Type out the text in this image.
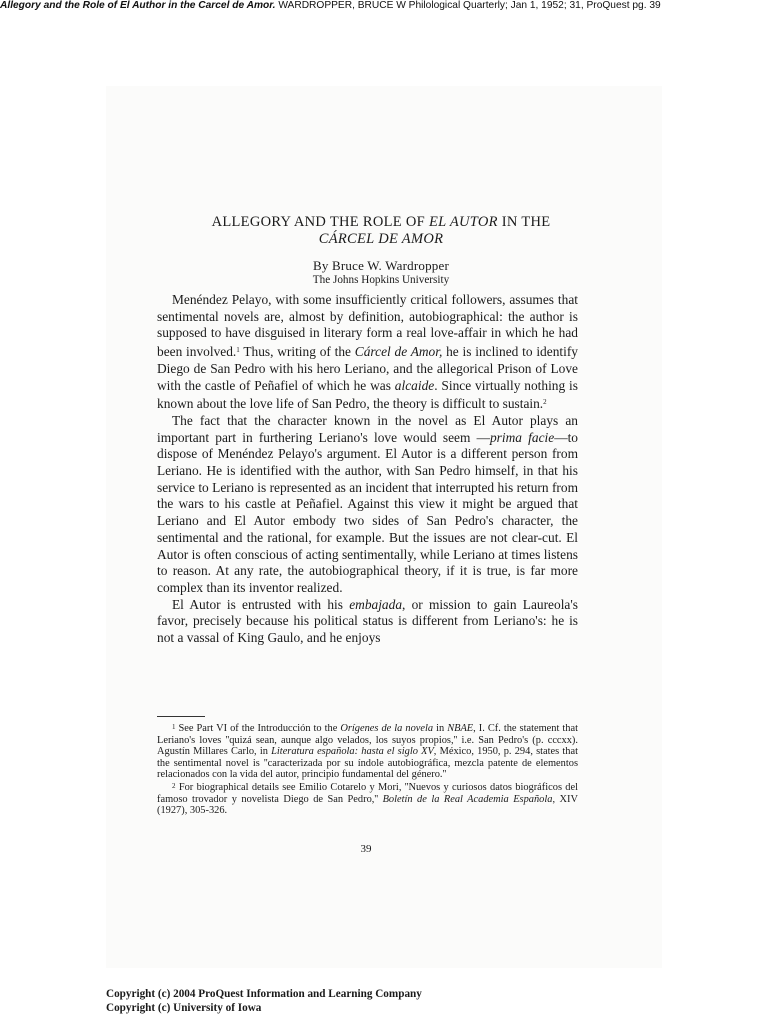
Allegory and the Role of El Author in the Carcel de Amor. WARDROPPER, BRUCE W Philological Quarterly; Jan 1, 1952; 31, ProQuest pg. 39
ALLEGORY AND THE ROLE OF EL AUTOR IN THE
CÁRCEL DE AMOR
By Bruce W. Wardropper
The Johns Hopkins University

Menéndez Pelayo, with some insufficiently critical followers, assumes that sentimental novels are, almost by definition, autobiographical: the author is supposed to have disguised in literary form a real love-affair in which he had been involved.$^1$ Thus, writing of the Cárcel de Amor, he is inclined to identify Diego de San Pedro with his hero Leriano, and the allegorical Prison of Love with the castle of Peñafiel of which he was alcaide. Since virtually nothing is known about the love life of San Pedro, the theory is difficult to sustain.$^2$

The fact that the character known in the novel as El Autor plays an important part in furthering Leriano's love would seem —prima facie—to dispose of Menéndez Pelayo's argument. El Autor is a different person from Leriano. He is identified with the author, with San Pedro himself, in that his service to Leriano is represented as an incident that interrupted his return from the wars to his castle at Peñafiel. Against this view it might be argued that Leriano and El Autor embody two sides of San Pedro's character, the sentimental and the rational, for example. But the issues are not clear-cut. El Autor is often conscious of acting sentimentally, while Leriano at times listens to reason. At any rate, the autobiographical theory, if it is true, is far more complex than its inventor realized.

El Autor is entrusted with his embajada, or mission to gain Laureola's favor, precisely because his political status is different from Leriano's: he is not a vassal of King Gaulo, and he enjoys

$^1$ See Part VI of the Introducción to the Orígenes de la novela in NBAE, I. Cf. the statement that Leriano's loves ''quizá sean, aunque algo velados, los suyos propios,'' i.e. San Pedro's (p. cccxx). Agustín Millares Carlo, in Literatura española: hasta el siglo XV, México, 1950, p. 294, states that the sentimental novel is ''caracterizada por su índole autobiográfica, mezcla patente de elementos relacionados con la vida del autor, principio fundamental del género.''

$^2$ For biographical details see Emilio Cotarelo y Mori, ''Nuevos y curiosos datos biográficos del famoso trovador y novelista Diego de San Pedro,'' Boletín de la Real Academia Española, XIV (1927), 305-326.

39
Copyright (c) 2004 ProQuest Information and Learning Company
Copyright (c) University of Iowa
